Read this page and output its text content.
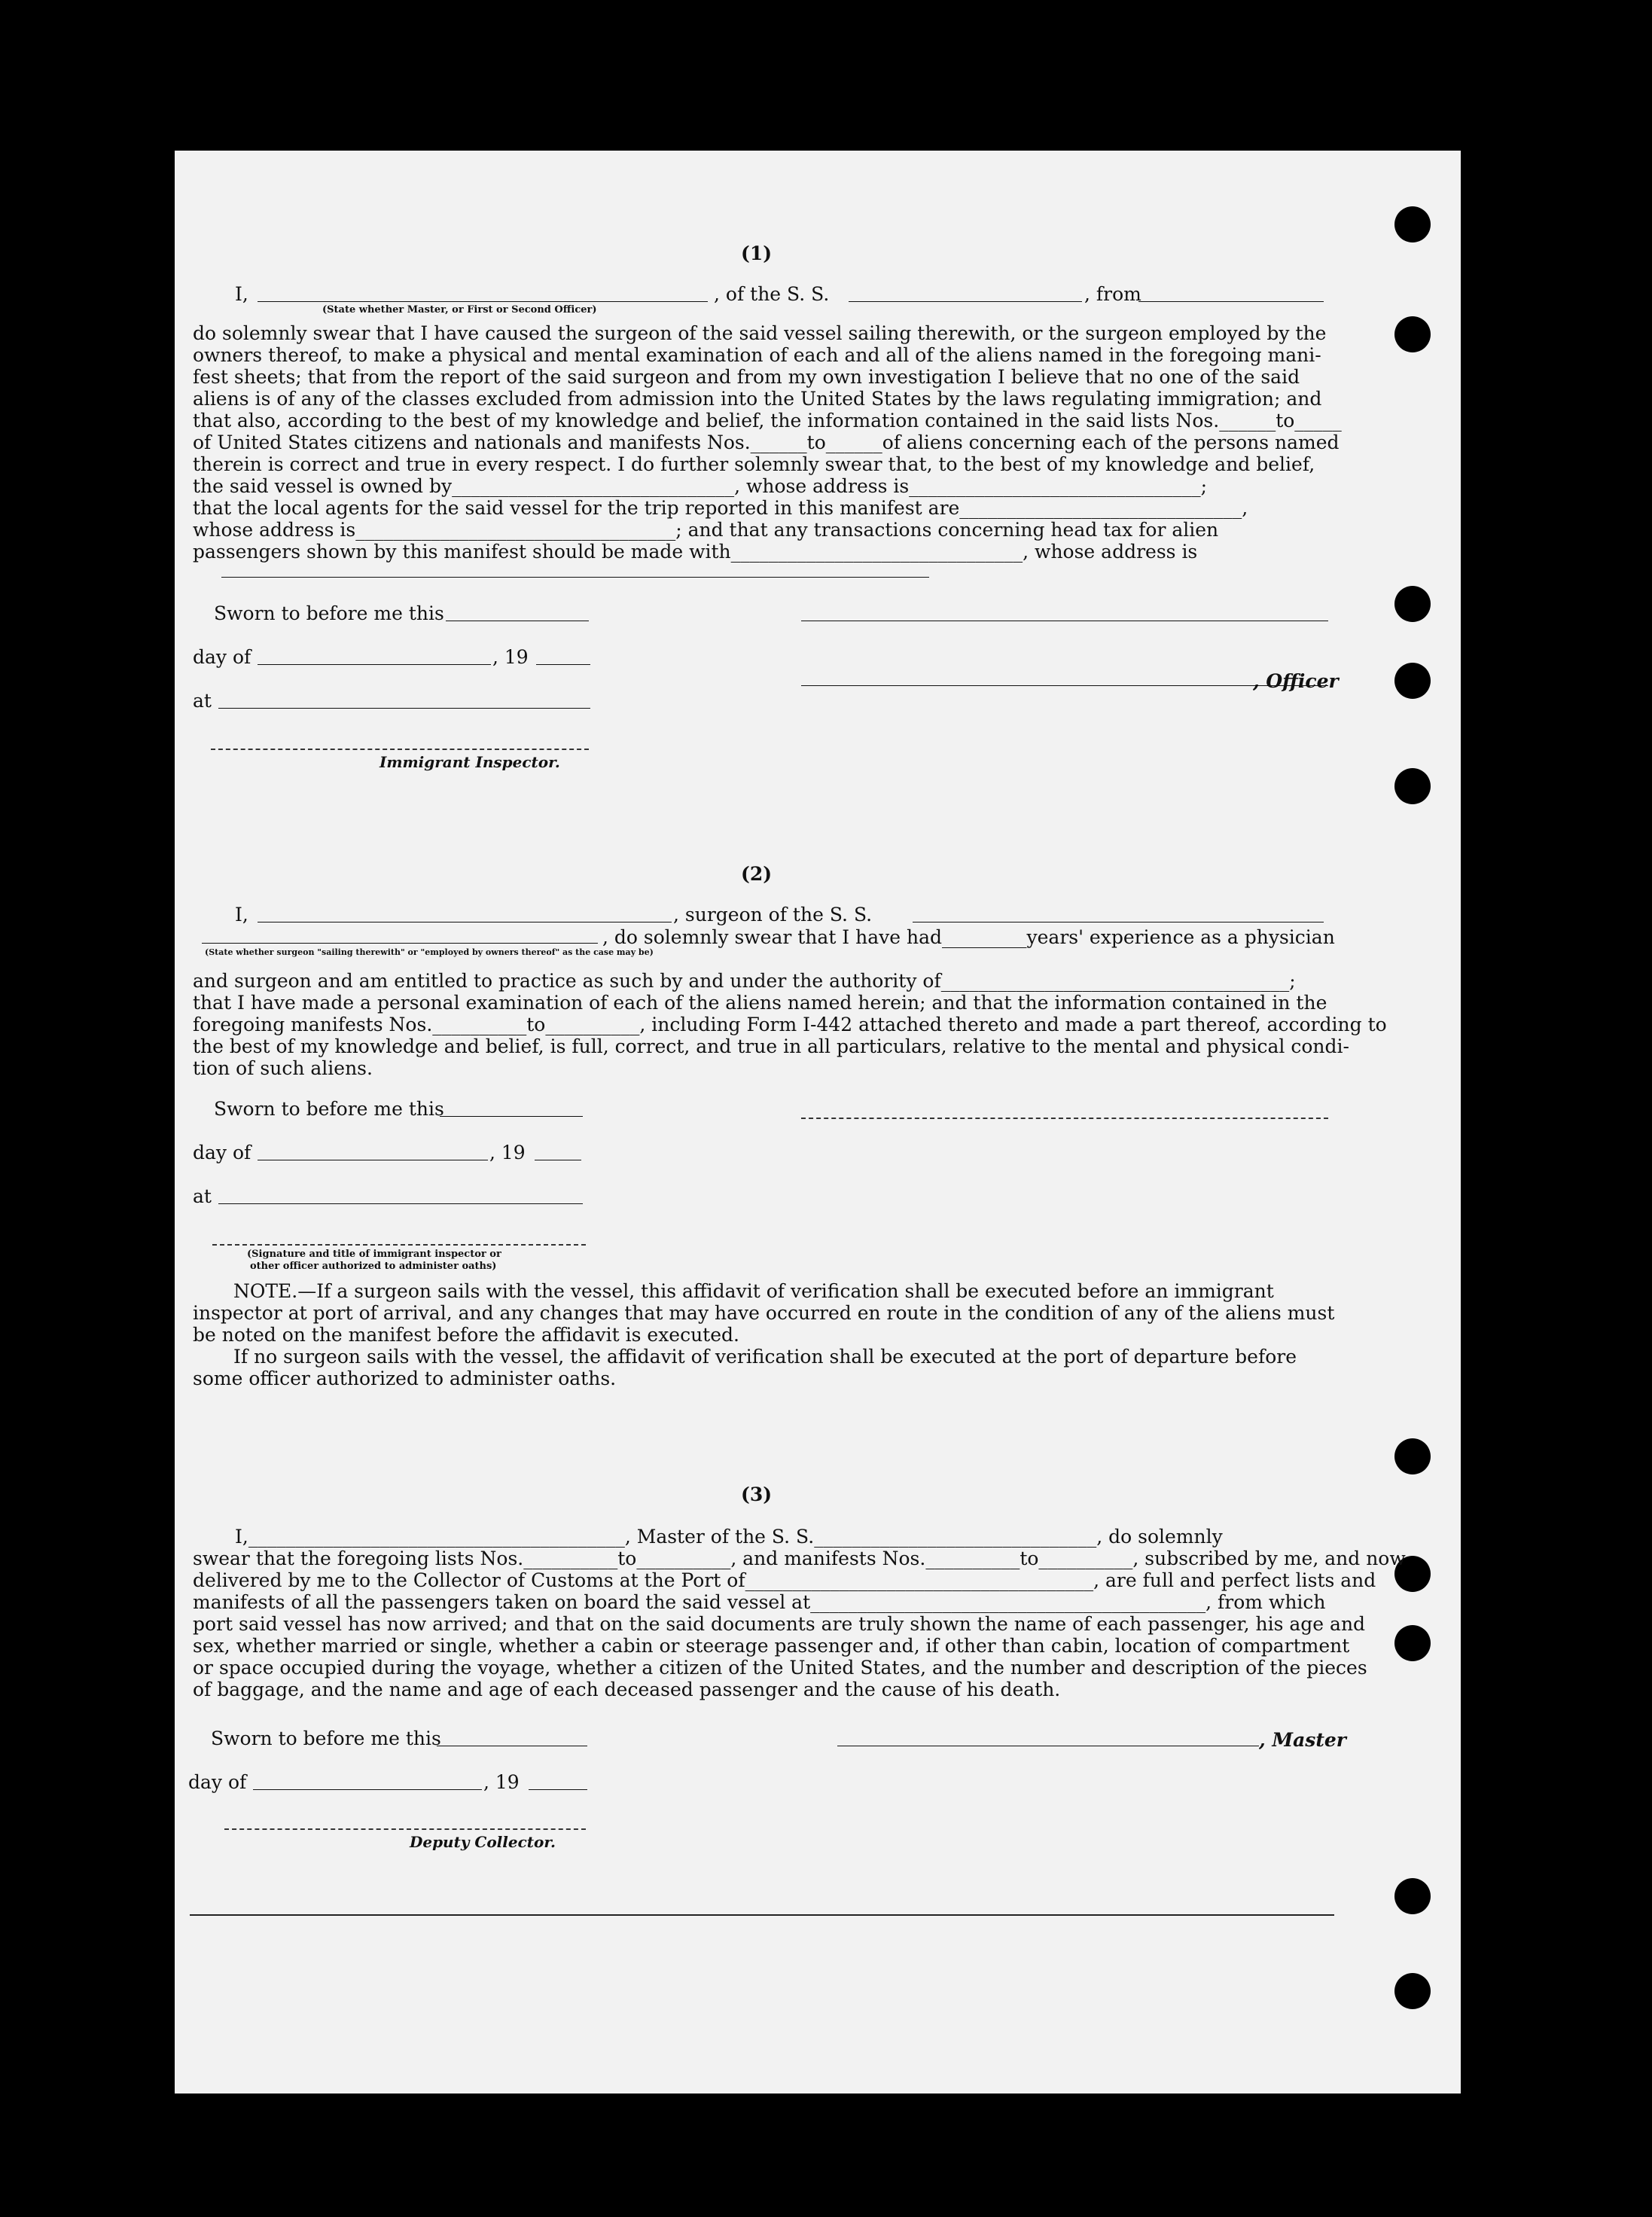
(1)
I,
(State whether Master, or First or Second Officer)
, of the S. S.	, from
do solemnly swear that I have caused the surgeon of the said vessel sailing therewith, or the surgeon employed by the
owners thereof, to make a physical and mental examination of each and all of the aliens named in the foregoing mani-
fest sheets; that from the report of the said surgeon and from my own investigation I believe that no one of the said
aliens is of any of the classes excluded from admission into the United States by the laws regulating immigration; and
that also, according to the best of my knowledge and belief, the information contained in the said lists Nos.______to_____
of United States citizens and nationals and manifests Nos.______to______of aliens concerning each of the persons named
therein is correct and true in every respect. I do further solemnly swear that, to the best of my knowledge and belief,
the said vessel is owned by______________________________, whose address is_______________________________;
that the local agents for the said vessel for the trip reported in this manifest are______________________________,
whose address is__________________________________; and that any transactions concerning head tax for alien
passengers shown by this manifest should be made with_______________________________, whose address is
Sworn to before me this
day of	, 19
, Officer
at
Immigrant Inspector.
(2)
I,	, surgeon of the S. S.
, do solemnly swear that I have had_________years' experience as a physician
(State whether surgeon "sailing therewith" or "employed by owners thereof" as the case may be)
and surgeon and am entitled to practice as such by and under the authority of_____________________________________;
that I have made a personal examination of each of the aliens named herein; and that the information contained in the
foregoing manifests Nos.__________to__________, including Form I-442 attached thereto and made a part thereof, according to
the best of my knowledge and belief, is full, correct, and true in all particulars, relative to the mental and physical condi-
tion of such aliens.
Sworn to before me this
day of	, 19
at
(Signature and title of immigrant inspector or
other officer authorized to administer oaths)
NOTE.—If a surgeon sails with the vessel, this affidavit of verification shall be executed before an immigrant
inspector at port of arrival, and any changes that may have occurred en route in the condition of any of the aliens must
be noted on the manifest before the affidavit is executed.
If no surgeon sails with the vessel, the affidavit of verification shall be executed at the port of departure before
some officer authorized to administer oaths.
(3)
I,________________________________________, Master of the S. S.______________________________, do solemnly
swear that the foregoing lists Nos.__________to__________, and manifests Nos.__________to__________, subscribed by me, and now
delivered by me to the Collector of Customs at the Port of_____________________________________, are full and perfect lists and
manifests of all the passengers taken on board the said vessel at__________________________________________, from which
port said vessel has now arrived; and that on the said documents are truly shown the name of each passenger, his age and
sex, whether married or single, whether a cabin or steerage passenger and, if other than cabin, location of compartment
or space occupied during the voyage, whether a citizen of the United States, and the number and description of the pieces
of baggage, and the name and age of each deceased passenger and the cause of his death.
Sworn to before me this	, Master
day of	, 19
Deputy Collector.
